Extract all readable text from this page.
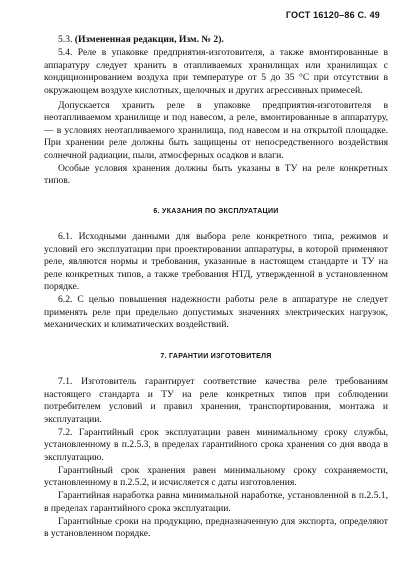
ГОСТ 16120–86 С. 49

5.3. (Измененная редакция, Изм. № 2).

5.4. Реле в упаковке предприятия-изготовителя, а также вмонтированные в аппаратуру следует хранить в отапливаемых хранилищах или хранилищах с кондиционированием воздуха при температуре от 5 до 35 °С при отсутствии в окружающем воздухе кислотных, щелочных и других агрессивных примесей.

Допускается хранить реле в упаковке предприятия-изготовителя в неотапливаемом хранилище и под навесом, а реле, вмонтированные в аппаратуру, — в условиях неотапливаемого хранилища, под навесом и на открытой площадке. При хранении реле должны быть защищены от непосредственного воздействия солнечной радиации, пыли, атмосферных осадков и влаги.

Особые условия хранения должны быть указаны в ТУ на реле конкретных типов.

6. УКАЗАНИЯ ПО ЭКСПЛУАТАЦИИ

6.1. Исходными данными для выбора реле конкретного типа, режимов и условий его эксплуатации при проектировании аппаратуры, в которой применяют реле, являются нормы и требования, указанные в настоящем стандарте и ТУ на реле конкретных типов, а также требования НТД, утвержденной в установленном порядке.

6.2. С целью повышения надежности работы реле в аппаратуре не следует применять реле при предельно допустимых значениях электрических нагрузок, механических и климатических воздействий.

7. ГАРАНТИИ ИЗГОТОВИТЕЛЯ

7.1. Изготовитель гарантирует соответствие качества реле требованиям настоящего стандарта и ТУ на реле конкретных типов при соблюдении потребителем условий и правил хранения, транспортирования, монтажа и эксплуатации.

7.2. Гарантийный срок эксплуатации равен минимальному сроку службы, установленному в п.2.5.3, в пределах гарантийного срока хранения со дня ввода в эксплуатацию.

Гарантийный срок хранения равен минимальному сроку сохраняемости, установленному в п.2.5.2, и исчисляется с даты изготовления.

Гарантийная наработка равна минимальной наработке, установленной в п.2.5.1, в пределах гарантийного срока эксплуатации.

Гарантийные сроки на продукцию, предназначенную для экспорта, определяют в установленном порядке.
